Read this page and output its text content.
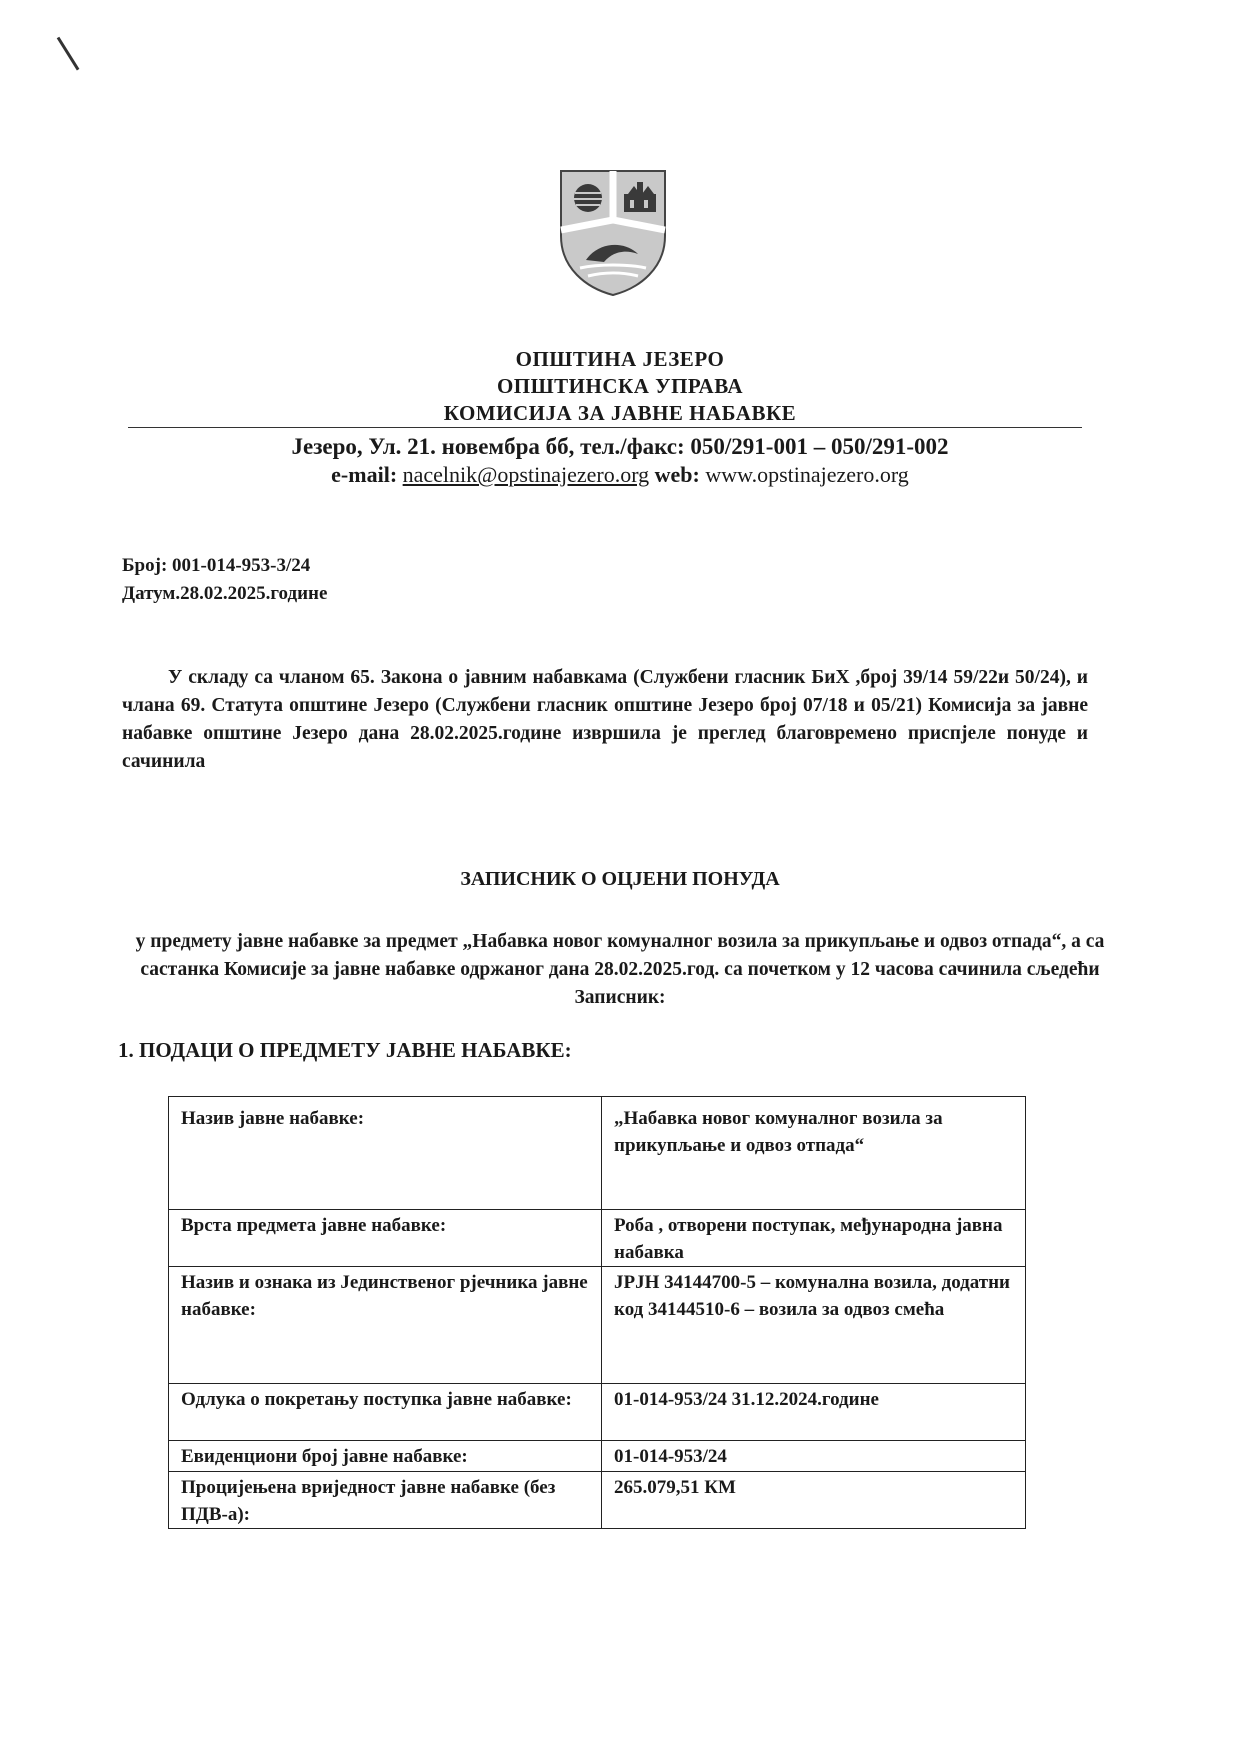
ОПШТИНА ЈЕЗЕРО
ОПШТИНСКА УПРАВА
КОМИСИЈА ЗА ЈАВНЕ НАБАВКЕ
Језеро, Ул. 21. новембра бб, тел./факс: 050/291-001 – 050/291-002
e-mail: nacelnik@opstinajezero.org web: www.opstinajezero.org
Број: 001-014-953-3/24
Датум.28.02.2025.године
У складу са чланом 65. Закона о јавним набавкама (Службени гласник БиХ ,број 39/14 59/22и 50/24), и члана 69. Статута општине Језеро (Службени гласник општине Језеро број 07/18 и 05/21) Комисија за јавне набавке општине Језеро дана 28.02.2025.године извршила је преглед благовремено приспјеле понуде и сачинила
ЗАПИСНИК О ОЦЈЕНИ ПОНУДА
у предмету јавне набавке за предмет „Набавка новог комуналног возила за прикупљање и одвоз отпада“, а са састанка Комисије за јавне набавке одржаног дана 28.02.2025.год. са почетком у 12 часова сачинила сљедећи Записник:
1. ПОДАЦИ О ПРЕДМЕТУ ЈАВНЕ НАБАВКЕ:
Назив јавне набавке:	„Набавка новог комуналног возила за прикупљање и одвоз отпада“
Врста предмета јавне набавке:	Роба , отворени поступак, међународна јавна набавка
Назив и ознака из Јединственог рјечника јавне набавке:	ЈРЈН 34144700-5 – комунална возила, додатни код 34144510-6 – возила за одвоз смећа
Одлука о покретању поступка јавне набавке:	01-014-953/24 31.12.2024.године
Евиденциони број јавне набавке:	01-014-953/24
Процијењена вриједност јавне набавке (без ПДВ-а):	265.079,51 КМ
